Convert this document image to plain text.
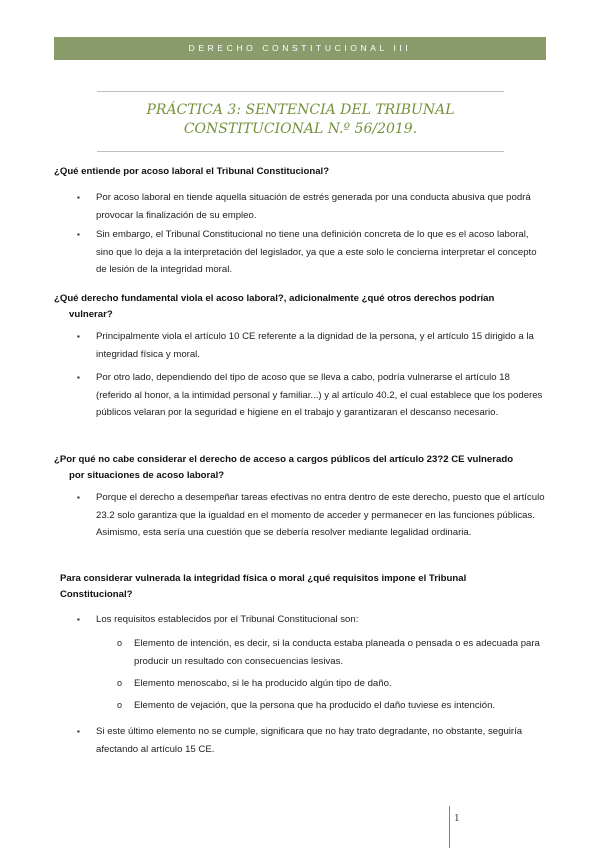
DERECHO CONSTITUCIONAL III
PRÁCTICA 3: SENTENCIA DEL TRIBUNAL
CONSTITUCIONAL N.º 56/2019.
¿Qué entiende por acoso laboral el Tribunal Constitucional?
▪ Por acoso laboral en tiende aquella situación de estrés generada por una conducta abusiva que podrá provocar la finalización de su empleo.
▪ Sin embargo, el Tribunal Constitucional no tiene una definición concreta de lo que es el acoso laboral, sino que lo deja a la interpretación del legislador, ya que a este solo le concierna interpretar el concepto de lesión de la integridad moral.
¿Qué derecho fundamental viola el acoso laboral?, adicionalmente ¿qué otros derechos podrían
vulnerar?
▪ Principalmente viola el artículo 10 CE referente a la dignidad de la persona, y el artículo 15 dirigido a la integridad física y moral.
▪ Por otro lado, dependiendo del tipo de acoso que se lleva a cabo, podría vulnerarse el artículo 18 (referido al honor, a la intimidad personal y familiar...) y al artículo 40.2, el cual establece que los poderes públicos velaran por la seguridad e higiene en el trabajo y garantizaran el descanso necesario.
¿Por qué no cabe considerar el derecho de acceso a cargos públicos del artículo 23?2 CE vulnerado
por situaciones de acoso laboral?
▪ Porque el derecho a desempeñar tareas efectivas no entra dentro de este derecho, puesto que el artículo 23.2 solo garantiza que la igualdad en el momento de acceder y permanecer en las funciones públicas. Asimismo, esta sería una cuestión que se debería resolver mediante legalidad ordinaria.
Para considerar vulnerada la integridad física o moral ¿qué requisitos impone el Tribunal
Constitucional?
▪ Los requisitos establecidos por el Tribunal Constitucional son:
o Elemento de intención, es decir, si la conducta estaba planeada o pensada o es adecuada para producir un resultado con consecuencias lesivas.
o Elemento menoscabo, si le ha producido algún tipo de daño.
o Elemento de vejación, que la persona que ha producido el daño tuviese es intención.
▪ Si este último elemento no se cumple, significara que no hay trato degradante, no obstante, seguiría afectando al artículo 15 CE.
1
